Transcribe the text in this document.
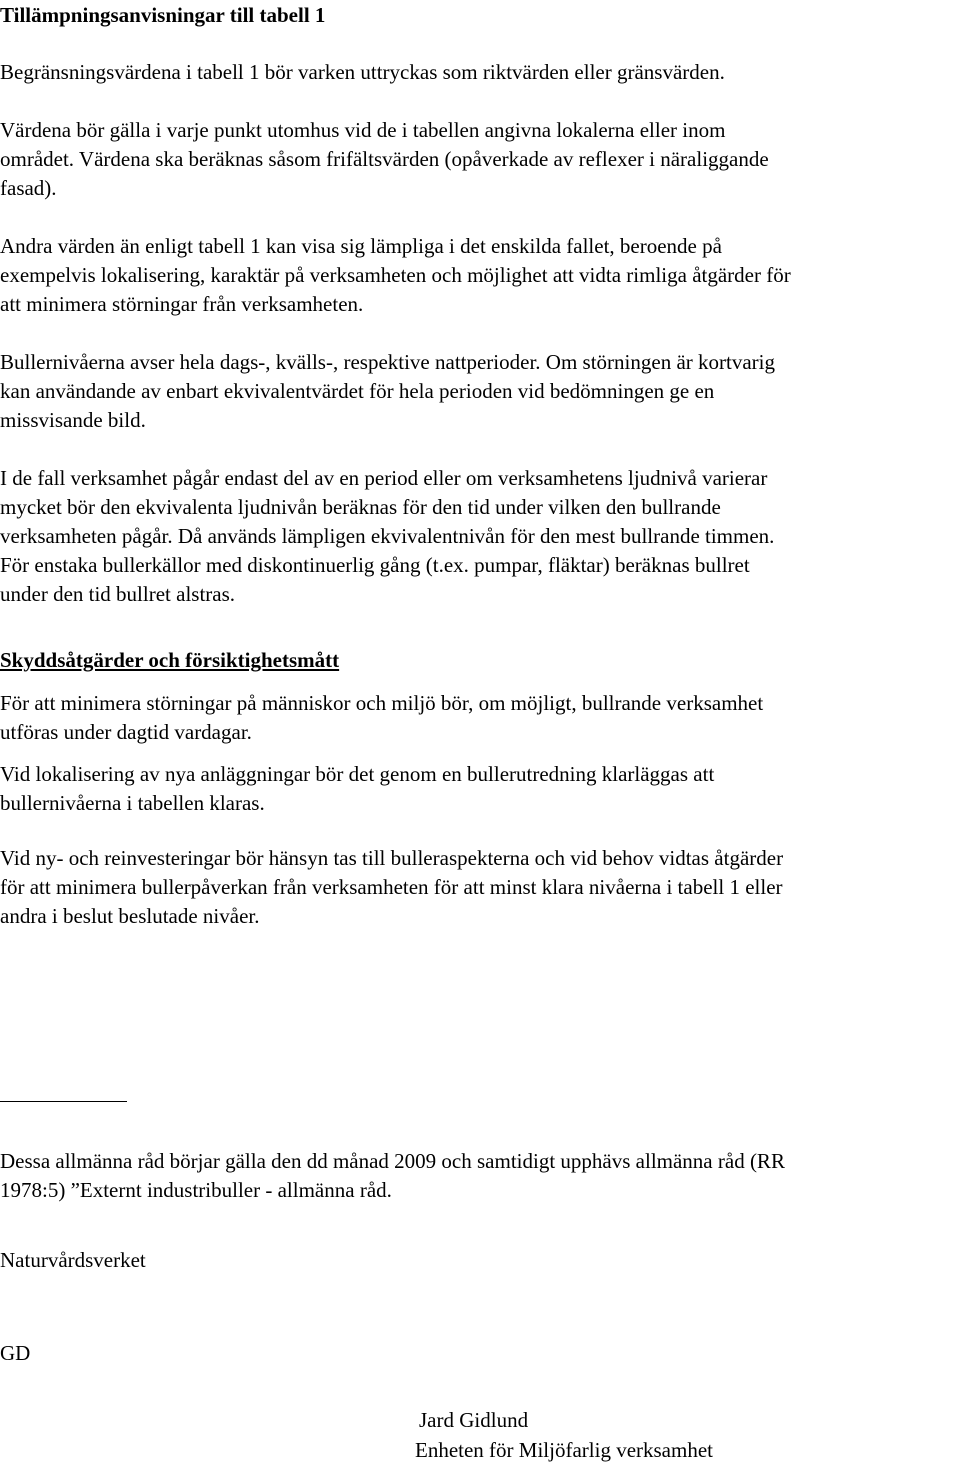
Tillämpningsanvisningar till tabell 1
Begränsningsvärdena i tabell 1 bör varken uttryckas som riktvärden eller gränsvärden.
Värdena bör gälla i varje punkt utomhus vid de i tabellen angivna lokalerna eller inom
området. Värdena ska beräknas såsom frifältsvärden (opåverkade av reflexer i näraliggande
fasad).
Andra värden än enligt tabell 1 kan visa sig lämpliga i det enskilda fallet, beroende på
exempelvis lokalisering, karaktär på verksamheten och möjlighet att vidta rimliga åtgärder för
att minimera störningar från verksamheten.
Bullernivåerna avser hela dags-, kvälls-, respektive nattperioder. Om störningen är kortvarig
kan användande av enbart ekvivalentvärdet för hela perioden vid bedömningen ge en
missvisande bild.
I de fall verksamhet pågår endast del av en period eller om verksamhetens ljudnivå varierar
mycket bör den ekvivalenta ljudnivån beräknas för den tid under vilken den bullrande
verksamheten pågår. Då används lämpligen ekvivalentnivån för den mest bullrande timmen.
För enstaka bullerkällor med diskontinuerlig gång (t.ex. pumpar, fläktar) beräknas bullret
under den tid bullret alstras.
Skyddsåtgärder och försiktighetsmått
För att minimera störningar på människor och miljö bör, om möjligt, bullrande verksamhet
utföras under dagtid vardagar.
Vid lokalisering av nya anläggningar bör det genom en bullerutredning klarläggas att
bullernivåerna i tabellen klaras.
Vid ny- och reinvesteringar bör hänsyn tas till bulleraspekterna och vid behov vidtas åtgärder
för att minimera bullerpåverkan från verksamheten för att minst klara nivåerna i tabell 1 eller
andra i beslut beslutade nivåer.
Dessa allmänna råd börjar gälla den dd månad 2009 och samtidigt upphävs allmänna råd (RR
1978:5) ”Externt industribuller - allmänna råd.
Naturvårdsverket
GD
Jard Gidlund
Enheten för Miljöfarlig verksamhet
